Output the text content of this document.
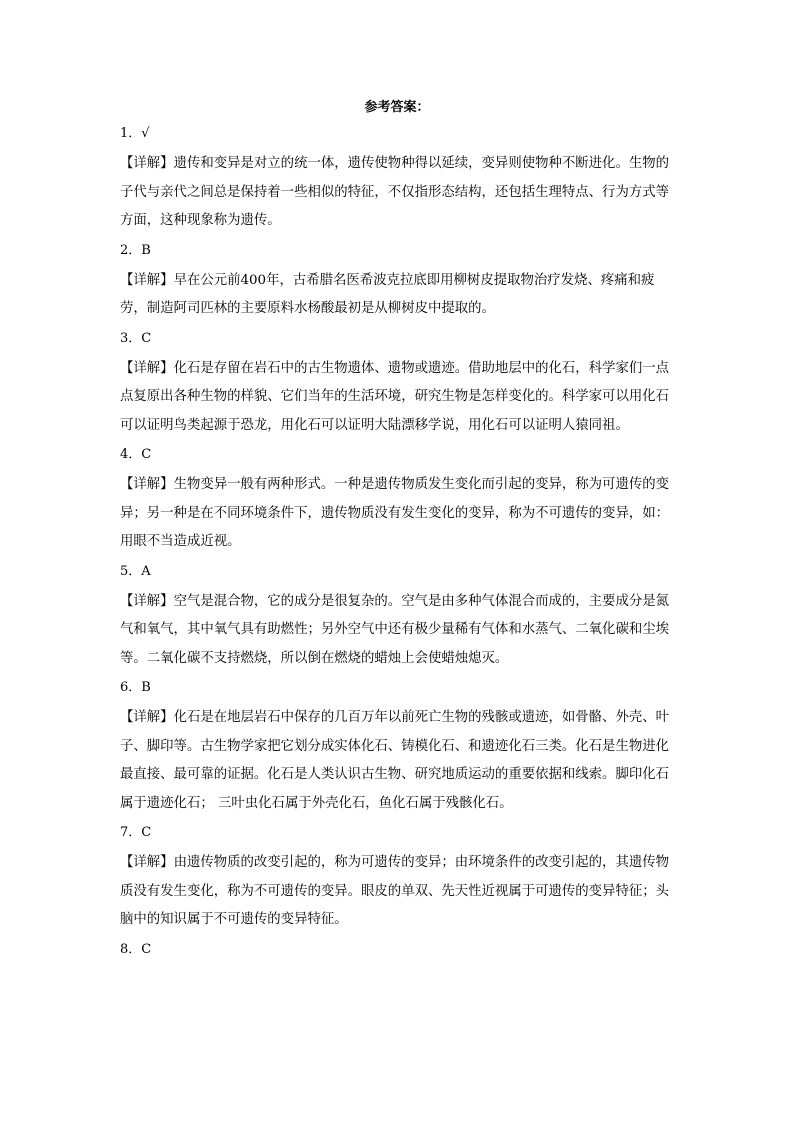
参考答案：
1．√
【详解】遗传和变异是对立的统一体，遗传使物种得以延续，变异则使物种不断进化。生物的子代与亲代之间总是保持着一些相似的特征，不仅指形态结构，还包括生理特点、行为方式等方面，这种现象称为遗传。
2．B
【详解】早在公元前400年，古希腊名医希波克拉底即用柳树皮提取物治疗发烧、疼痛和疲劳，制造阿司匹林的主要原料水杨酸最初是从柳树皮中提取的。
3．C
【详解】化石是存留在岩石中的古生物遗体、遗物或遗迹。借助地层中的化石，科学家们一点点复原出各种生物的样貌、它们当年的生活环境，研究生物是怎样变化的。科学家可以用化石可以证明鸟类起源于恐龙，用化石可以证明大陆漂移学说，用化石可以证明人猿同祖。
4．C
【详解】生物变异一般有两种形式。一种是遗传物质发生变化而引起的变异，称为可遗传的变异；另一种是在不同环境条件下，遗传物质没有发生变化的变异，称为不可遗传的变异，如：用眼不当造成近视。
5．A
【详解】空气是混合物，它的成分是很复杂的。空气是由多种气体混合而成的，主要成分是氮气和氧气，其中氧气具有助燃性；另外空气中还有极少量稀有气体和水蒸气、二氧化碳和尘埃等。二氧化碳不支持燃烧，所以倒在燃烧的蜡烛上会使蜡烛熄灭。
6．B
【详解】化石是在地层岩石中保存的几百万年以前死亡生物的残骸或遗迹，如骨骼、外壳、叶子、脚印等。古生物学家把它划分成实体化石、铸模化石、和遗迹化石三类。化石是生物进化最直接、最可靠的证据。化石是人类认识古生物、研究地质运动的重要依据和线索。脚印化石属于遗迹化石； 三叶虫化石属于外壳化石，鱼化石属于残骸化石。
7．C
【详解】由遗传物质的改变引起的，称为可遗传的变异；由环境条件的改变引起的，其遗传物质没有发生变化，称为不可遗传的变异。眼皮的单双、先天性近视属于可遗传的变异特征；头脑中的知识属于不可遗传的变异特征。
8．C
